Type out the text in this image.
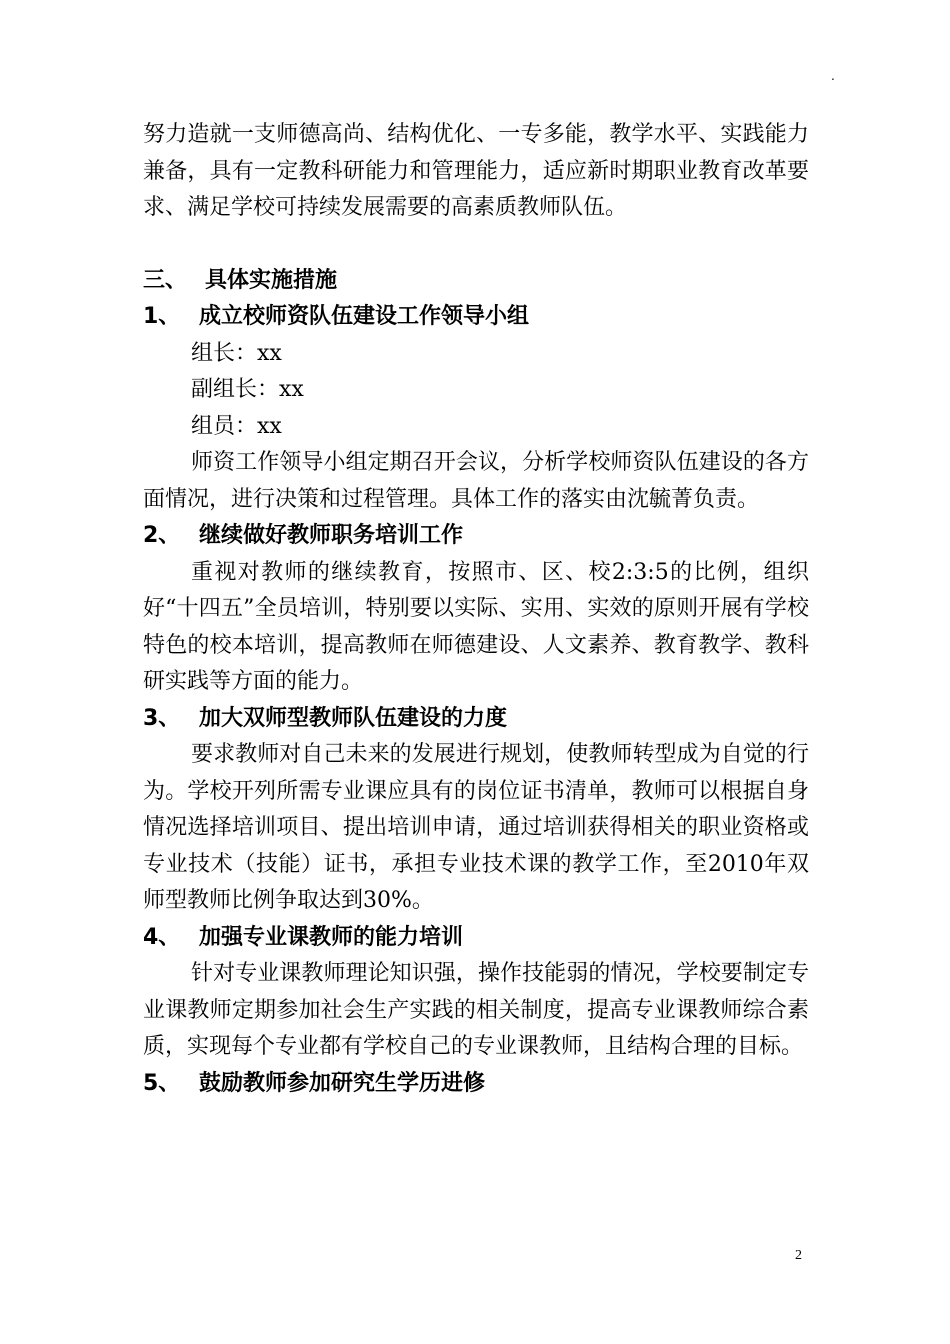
.

努力造就一支师德高尚、结构优化、一专多能，教学水平、实践能力兼备，具有一定教科研能力和管理能力，适应新时期职业教育改革要求、满足学校可持续发展需要的高素质教师队伍。

三、 具体实施措施
1、 成立校师资队伍建设工作领导小组

组长：xx

副组长：xx

组员：xx

师资工作领导小组定期召开会议，分析学校师资队伍建设的各方面情况，进行决策和过程管理。具体工作的落实由沈毓菁负责。

2、 继续做好教师职务培训工作

重视对教师的继续教育，按照市、区、校2:3:5的比例，组织好“十四五”全员培训，特别要以实际、实用、实效的原则开展有学校特色的校本培训，提高教师在师德建设、人文素养、教育教学、教科研实践等方面的能力。

3、 加大双师型教师队伍建设的力度

要求教师对自己未来的发展进行规划，使教师转型成为自觉的行为。学校开列所需专业课应具有的岗位证书清单，教师可以根据自身情况选择培训项目、提出培训申请，通过培训获得相关的职业资格或专业技术（技能）证书，承担专业技术课的教学工作，至2010年双师型教师比例争取达到30%。

4、 加强专业课教师的能力培训

针对专业课教师理论知识强，操作技能弱的情况，学校要制定专业课教师定期参加社会生产实践的相关制度，提高专业课教师综合素质，实现每个专业都有学校自己的专业课教师，且结构合理的目标。

5、 鼓励教师参加研究生学历进修
2
